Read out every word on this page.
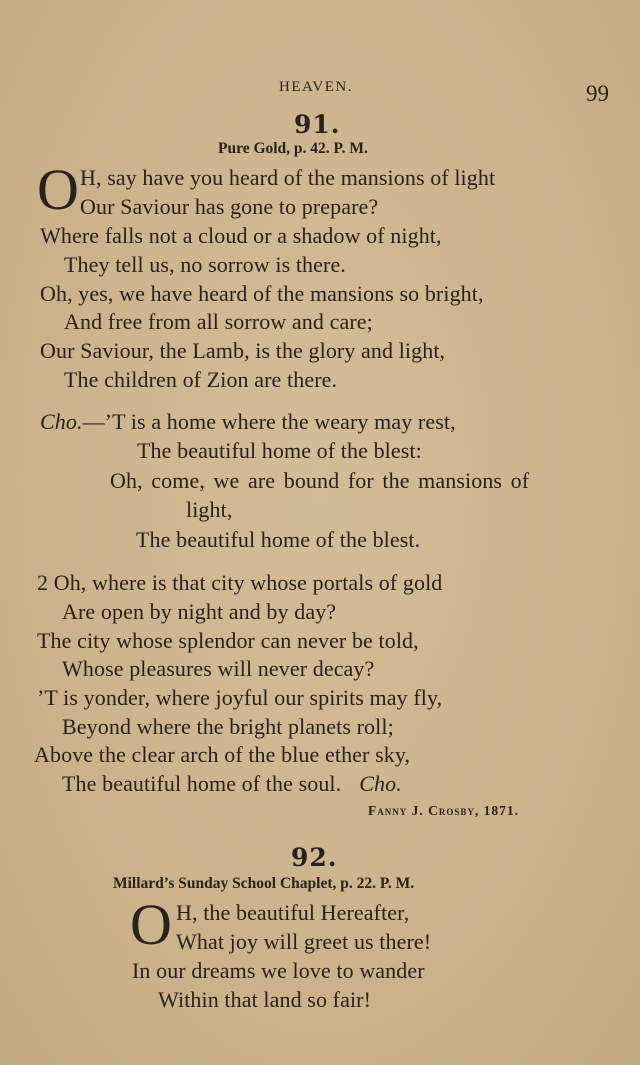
HEAVEN.	99
91.
Pure Gold, p. 42. P. M.
O H, say have you heard of the mansions of light
Our Saviour has gone to prepare?
Where falls not a cloud or a shadow of night,
They tell us, no sorrow is there.
Oh, yes, we have heard of the mansions so bright,
And free from all sorrow and care;
Our Saviour, the Lamb, is the glory and light,
The children of Zion are there.
Cho.—’T is a home where the weary may rest,
The beautiful home of the blest:
Oh, come, we are bound for the mansions of
light,
The beautiful home of the blest.
2 Oh, where is that city whose portals of gold
Are open by night and by day?
The city whose splendor can never be told,
Whose pleasures will never decay?
’T is yonder, where joyful our spirits may fly,
Beyond where the bright planets roll;
Above the clear arch of the blue ether sky,
The beautiful home of the soul. Cho.
Fanny J. Crosby, 1871.
92.
Millard’s Sunday School Chaplet, p. 22. P. M.
O H, the beautiful Hereafter,
What joy will greet us there!
In our dreams we love to wander
Within that land so fair!
